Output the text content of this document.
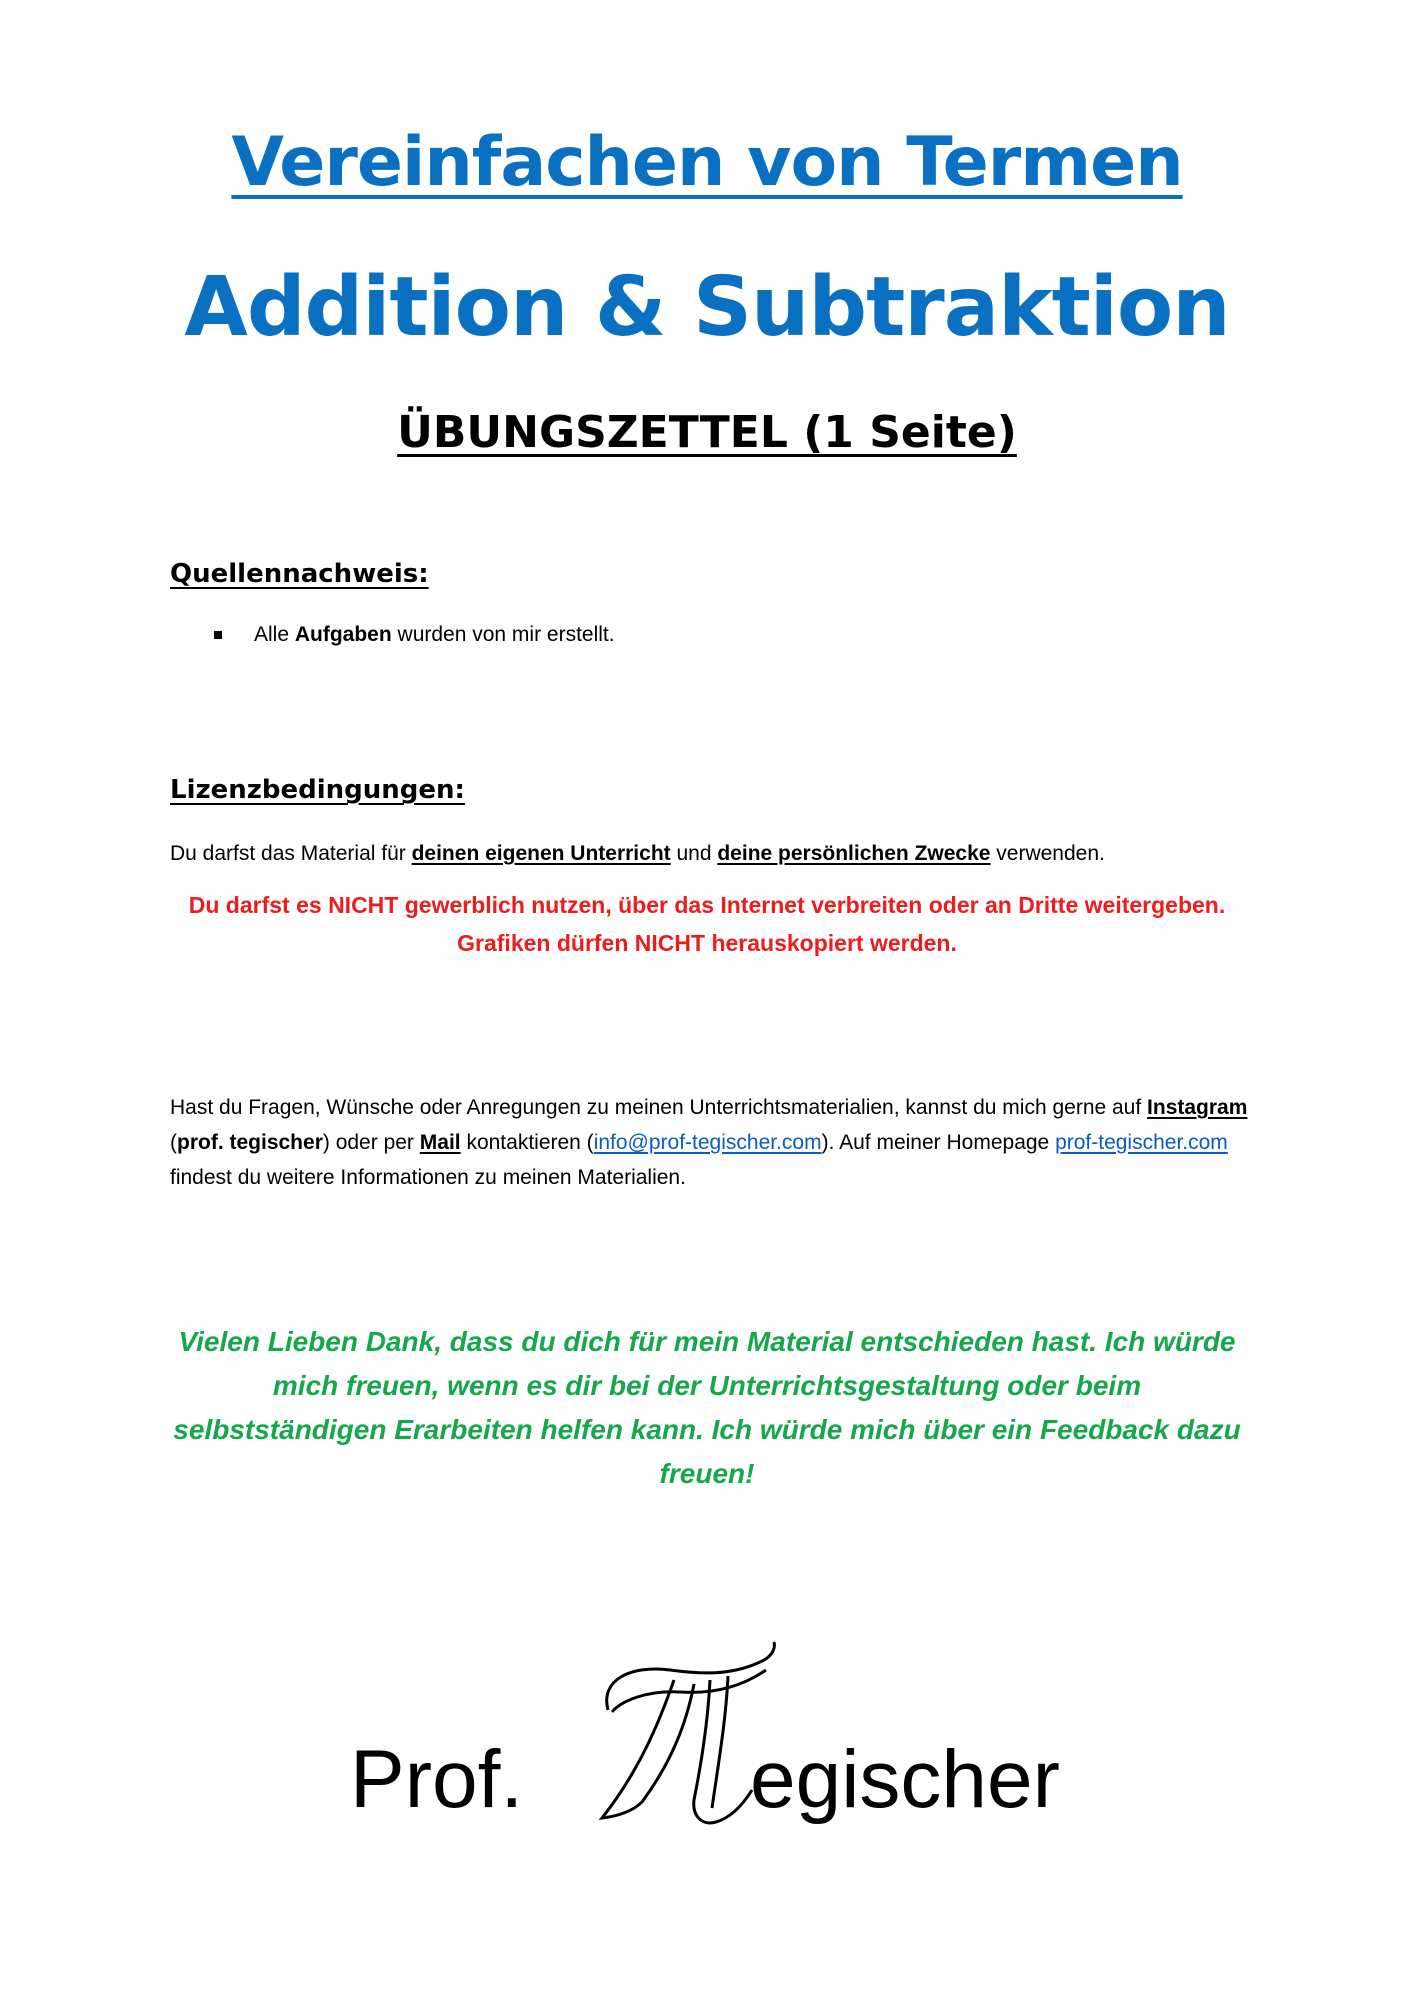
Vereinfachen von Termen
Addition & Subtraktion
ÜBUNGSZETTEL (1 Seite)
Quellennachweis:
Alle Aufgaben wurden von mir erstellt.
Lizenzbedingungen:
Du darfst das Material für deinen eigenen Unterricht und deine persönlichen Zwecke verwenden.
Du darfst es NICHT gewerblich nutzen, über das Internet verbreiten oder an Dritte weitergeben. Grafiken dürfen NICHT herauskopiert werden.
Hast du Fragen, Wünsche oder Anregungen zu meinen Unterrichtsmaterialien, kannst du mich gerne auf Instagram (prof. tegischer) oder per Mail kontaktieren (info@prof-tegischer.com). Auf meiner Homepage prof-tegischer.com findest du weitere Informationen zu meinen Materialien.
Vielen Lieben Dank, dass du dich für mein Material entschieden hast. Ich würde mich freuen, wenn es dir bei der Unterrichtsgestaltung oder beim selbstständigen Erarbeiten helfen kann. Ich würde mich über ein Feedback dazu freuen!
Prof.	egischer
